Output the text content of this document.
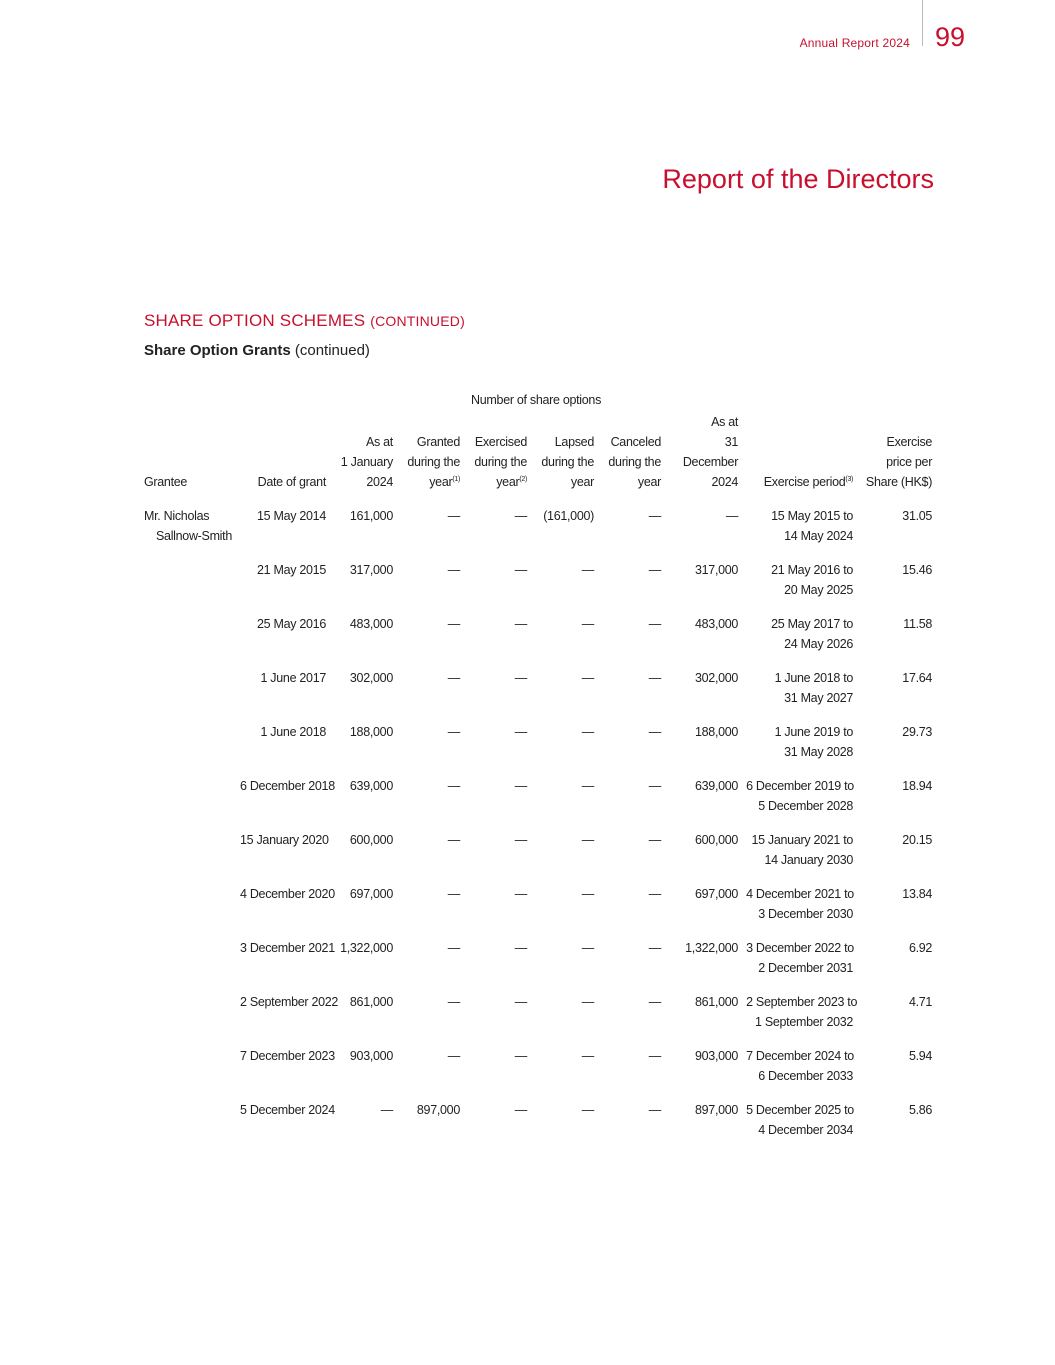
Annual Report 2024 99
Report of the Directors
SHARE OPTION SCHEMES (CONTINUED)
Share Option Grants (continued)
		Number of share options							
Grantee	Date of grant	As at
1 January
2024	Granted
during the
year$^{(1)}$	Exercised
during the
year$^{(2)}$	Lapsed
during the
year	Canceled
during the
year	As at
31 December
2024	Exercise period$^{(3)}$	Exercise
price per
Share (HK$)

Mr. Nicholas
Sallnow-Smith	15 May 2014	161,000	—	—	(161,000)	—	—	15 May 2015 to
14 May 2024	31.05
	21 May 2015	317,000	—	—	—	—	317,000	21 May 2016 to
20 May 2025	15.46
	25 May 2016	483,000	—	—	—	—	483,000	25 May 2017 to
24 May 2026	11.58
	1 June 2017	302,000	—	—	—	—	302,000	1 June 2018 to
31 May 2027	17.64
	1 June 2018	188,000	—	—	—	—	188,000	1 June 2019 to
31 May 2028	29.73
	6 December 2018	639,000	—	—	—	—	639,000	6 December 2019 to
5 December 2028	18.94
	15 January 2020	600,000	—	—	—	—	600,000	15 January 2021 to
14 January 2030	20.15
	4 December 2020	697,000	—	—	—	—	697,000	4 December 2021 to
3 December 2030	13.84
	3 December 2021	1,322,000	—	—	—	—	1,322,000	3 December 2022 to
2 December 2031	6.92
	2 September 2022	861,000	—	—	—	—	861,000	2 September 2023 to
1 September 2032	4.71
	7 December 2023	903,000	—	—	—	—	903,000	7 December 2024 to
6 December 2033	5.94
	5 December 2024	—	897,000	—	—	—	897,000	5 December 2025 to
4 December 2034	5.86
